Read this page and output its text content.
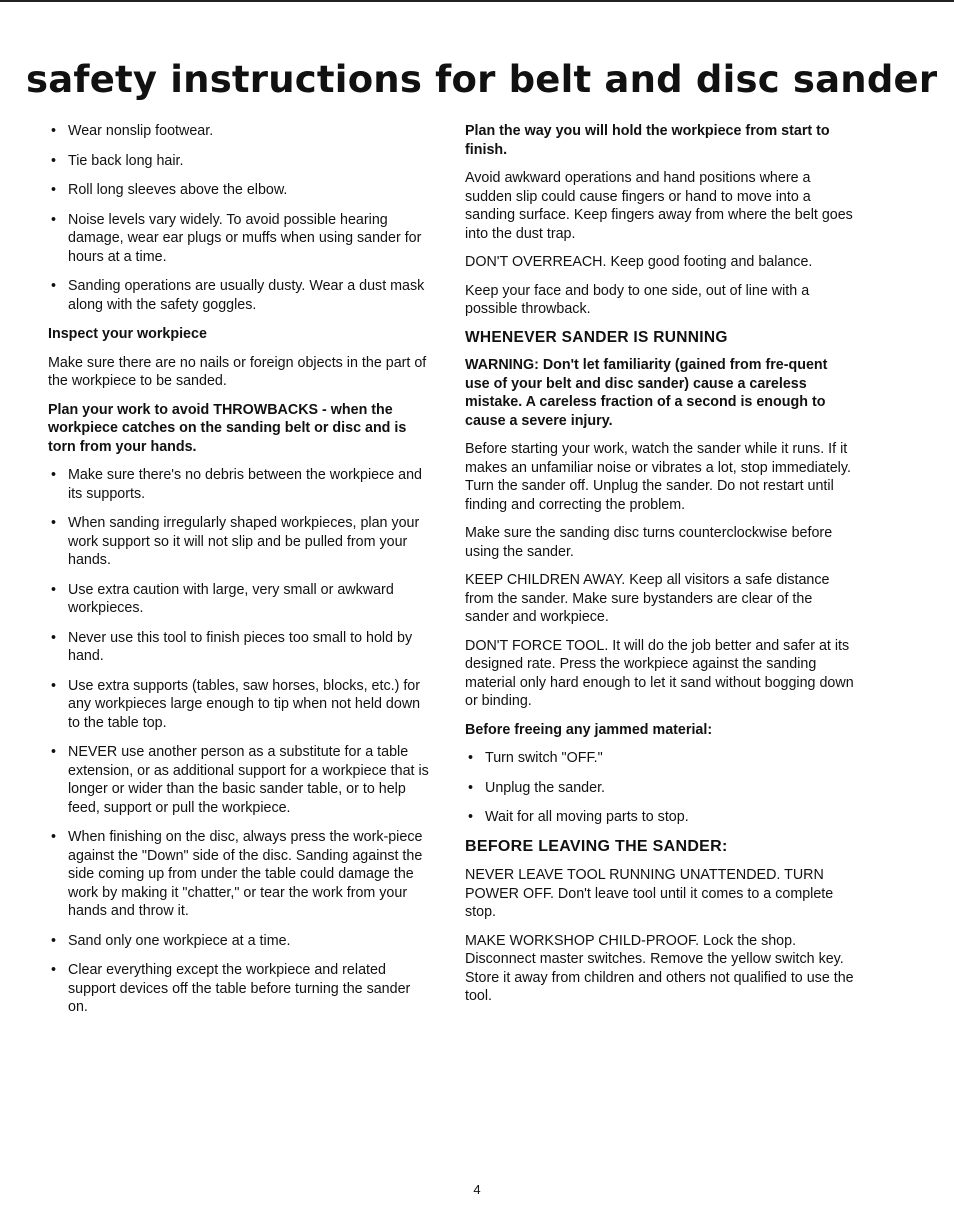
safety instructions for belt and disc sander
• Wear nonslip footwear.
• Tie back long hair.
• Roll long sleeves above the elbow.
• Noise levels vary widely. To avoid possible hearing damage, wear ear plugs or muffs when using sander for hours at a time.
• Sanding operations are usually dusty. Wear a dust mask along with the safety goggles.

Inspect your workpiece

Make sure there are no nails or foreign objects in the part of the workpiece to be sanded.

Plan your work to avoid THROWBACKS - when the workpiece catches on the sanding belt or disc and is torn from your hands.

• Make sure there's no debris between the workpiece and its supports.
• When sanding irregularly shaped workpieces, plan your work support so it will not slip and be pulled from your hands.
• Use extra caution with large, very small or awkward workpieces.
• Never use this tool to finish pieces too small to hold by hand.
• Use extra supports (tables, saw horses, blocks, etc.) for any workpieces large enough to tip when not held down to the table top.
• NEVER use another person as a substitute for a table extension, or as additional support for a workpiece that is longer or wider than the basic sander table, or to help feed, support or pull the workpiece.
• When finishing on the disc, always press the work-piece against the "Down" side of the disc. Sanding against the side coming up from under the table could damage the work by making it "chatter," or tear the work from your hands and throw it.
• Sand only one workpiece at a time.
• Clear everything except the workpiece and related support devices off the table before turning the sander on.

Plan the way you will hold the workpiece from start to finish.

Avoid awkward operations and hand positions where a sudden slip could cause fingers or hand to move into a sanding surface. Keep fingers away from where the belt goes into the dust trap.

DON'T OVERREACH. Keep good footing and balance.

Keep your face and body to one side, out of line with a possible throwback.

WHENEVER SANDER IS RUNNING

WARNING: Don't let familiarity (gained from fre-quent use of your belt and disc sander) cause a careless mistake. A careless fraction of a second is enough to cause a severe injury.

Before starting your work, watch the sander while it runs. If it makes an unfamiliar noise or vibrates a lot, stop immediately. Turn the sander off. Unplug the sander. Do not restart until finding and correcting the problem.

Make sure the sanding disc turns counterclockwise before using the sander.

KEEP CHILDREN AWAY. Keep all visitors a safe distance from the sander. Make sure bystanders are clear of the sander and workpiece.

DON'T FORCE TOOL. It will do the job better and safer at its designed rate. Press the workpiece against the sanding material only hard enough to let it sand without bogging down or binding.

Before freeing any jammed material:

• Turn switch "OFF."
• Unplug the sander.
• Wait for all moving parts to stop.
BEFORE LEAVING THE SANDER:

NEVER LEAVE TOOL RUNNING UNATTENDED. TURN POWER OFF. Don't leave tool until it comes to a complete stop.

MAKE WORKSHOP CHILD-PROOF. Lock the shop. Disconnect master switches. Remove the yellow switch key. Store it away from children and others not qualified to use the tool.

4
